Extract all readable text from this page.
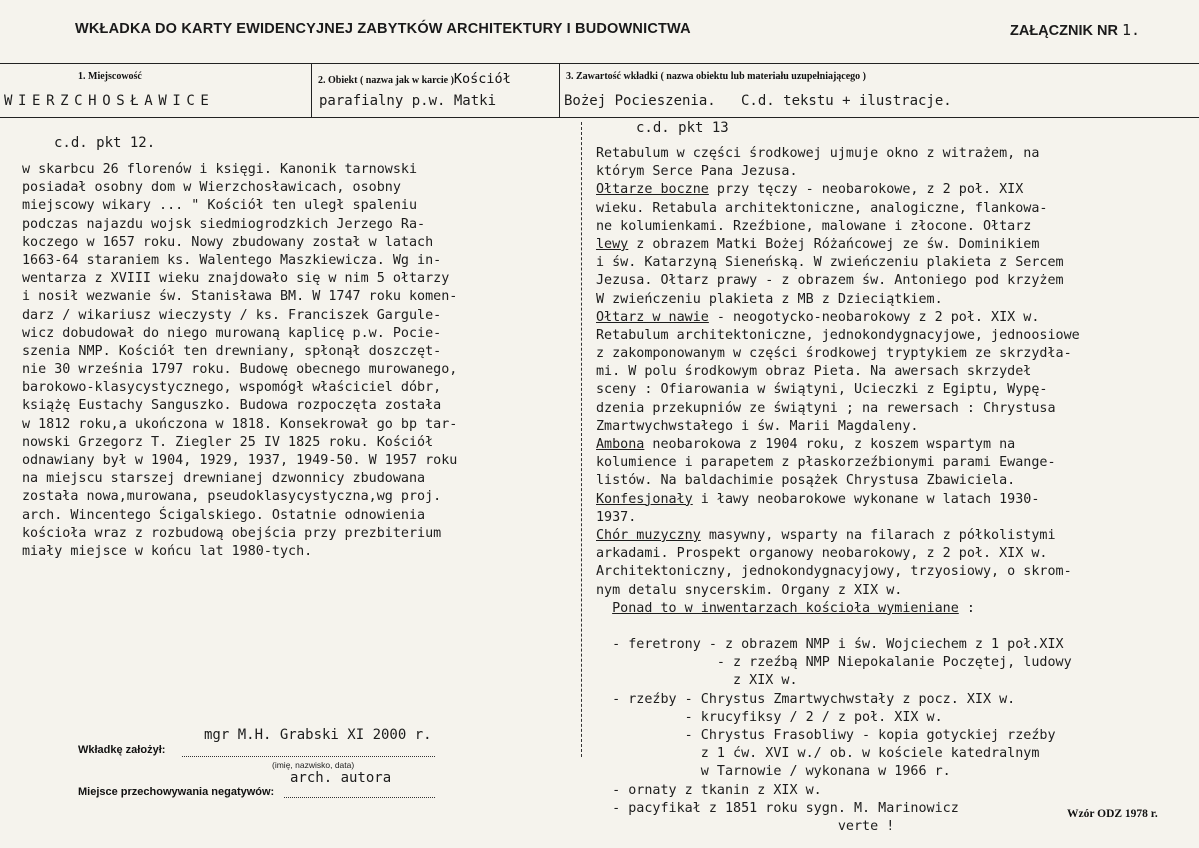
WKŁADKA DO KARTY EWIDENCYJNEJ ZABYTKÓW ARCHITEKTURY I BUDOWNICTWA	ZAŁĄCZNIK NR 1.
1. Miejscowość	2. Obiekt ( nazwa jak w karcie )Kościół	3. Zawartość wkładki ( nazwa obiektu lub materiału uzupełniającego )
WIERZCHOSŁAWICE	parafialny p.w. Matki	Bożej Pocieszenia.   C.d. tekstu + ilustracje.
c.d. pkt 12.
w skarbcu 26 florenów i księgi. Kanonik tarnowski
posiadał osobny dom w Wierzchosławicach, osobny
miejscowy wikary ... " Kościół ten uległ spaleniu
podczas najazdu wojsk siedmiogrodzkich Jerzego Ra-
koczego w 1657 roku. Nowy zbudowany został w latach
1663-64 staraniem ks. Walentego Maszkiewicza. Wg in-
wentarza z XVIII wieku znajdowało się w nim 5 ołtarzy
i nosił wezwanie św. Stanisława BM. W 1747 roku komen-
darz / wikariusz wieczysty / ks. Franciszek Gargule-
wicz dobudował do niego murowaną kaplicę p.w. Pocie-
szenia NMP. Kościół ten drewniany, spłonął doszczęt-
nie 30 września 1797 roku. Budowę obecnego murowanego,
barokowo-klasycystycznego, wspomógł właściciel dóbr,
książę Eustachy Sanguszko. Budowa rozpoczęta została
w 1812 roku,a ukończona w 1818. Konsekrował go bp tar-
nowski Grzegorz T. Ziegler 25 IV 1825 roku. Kościół
odnawiany był w 1904, 1929, 1937, 1949-50. W 1957 roku
na miejscu starszej drewnianej dzwonnicy zbudowana
została nowa,murowana, pseudoklasycystyczna,wg proj.
arch. Wincentego Ścigalskiego. Ostatnie odnowienia
kościoła wraz z rozbudową obejścia przy prezbiterium
miały miejsce w końcu lat 1980-tych.
c.d. pkt 13
Retabulum w części środkowej ujmuje okno z witrażem, na
którym Serce Pana Jezusa.
Ołtarze boczne przy tęczy - neobarokowe, z 2 poł. XIX
wieku. Retabula architektoniczne, analogiczne, flankowa-
ne kolumienkami. Rzeźbione, malowane i złocone. Ołtarz
lewy z obrazem Matki Bożej Różańcowej ze św. Dominikiem
i św. Katarzyną Sieneńską. W zwieńczeniu plakieta z Sercem
Jezusa. Ołtarz prawy - z obrazem św. Antoniego pod krzyżem
W zwieńczeniu plakieta z MB z Dzieciątkiem.
Ołtarz w nawie - neogotycko-neobarokowy z 2 poł. XIX w.
Retabulum architektoniczne, jednokondygnacyjowe, jednoosiowe
z zakomponowanym w części środkowej tryptykiem ze skrzydła-
mi. W polu środkowym obraz Pieta. Na awersach skrzydeł
sceny : Ofiarowania w świątyni, Ucieczki z Egiptu, Wypę-
dzenia przekupniów ze świątyni ; na rewersach : Chrystusa
Zmartwychwstałego i św. Marii Magdaleny.
Ambona neobarokowa z 1904 roku, z koszem wspartym na
kolumience i parapetem z płaskorzeźbionymi parami Ewange-
listów. Na baldachimie posążek Chrystusa Zbawiciela.
Konfesjonały i ławy neobarokowe wykonane w latach 1930-
1937.
Chór muzyczny masywny, wsparty na filarach z półkolistymi
arkadami. Prospekt organowy neobarokowy, z 2 poł. XIX w.
Architektoniczny, jednokondygnacyjowy, trzyosiowy, o skrom-
nym detalu snycerskim. Organy z XIX w.
Ponad to w inwentarzach kościoła wymieniane :

- feretrony - z obrazem NMP i św. Wojciechem z 1 poł.XIX
- z rzeźbą NMP Niepokalanie Poczętej, ludowy
z XIX w.
- rzeźby - Chrystus Zmartwychwstały z pocz. XIX w.
- krucyfiksy / 2 / z poł. XIX w.
- Chrystus Frasobliwy - kopia gotyckiej rzeźby
z 1 ćw. XVI w./ ob. w kościele katedralnym
w Tarnowie / wykonana w 1966 r.
- ornaty z tkanin z XIX w.
- pacyfikał z 1851 roku sygn. M. Marinowicz
verte !
mgr M.H. Grabski XI 2000 r.
Wkładkę założył:
(imię, nazwisko, data)
arch. autora
Miejsce przechowywania negatywów:
Wzór ODZ 1978 r.
